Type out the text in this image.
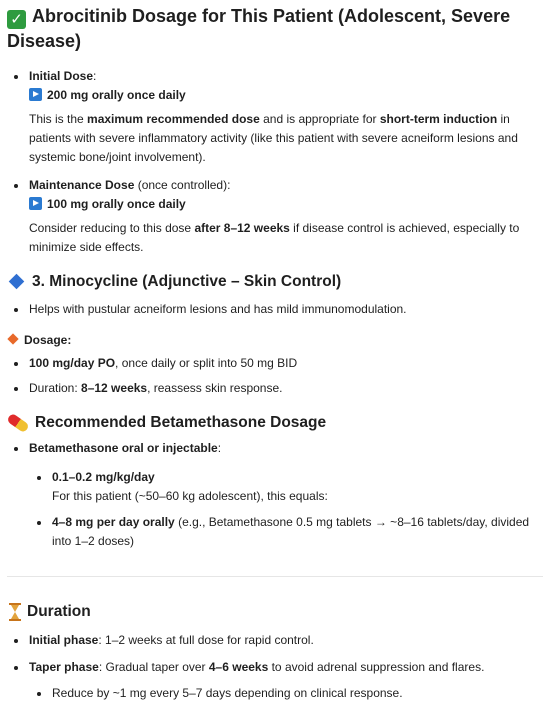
✓ Abrocitinib Dosage for This Patient (Adolescent, Severe Disease)
Initial Dose:
200 mg orally once daily
This is the maximum recommended dose and is appropriate for short-term induction in patients with severe inflammatory activity (like this patient with severe acneiform lesions and systemic bone/joint involvement).
Maintenance Dose (once controlled):
100 mg orally once daily
Consider reducing to this dose after 8–12 weeks if disease control is achieved, especially to minimize side effects.
3. Minocycline (Adjunctive – Skin Control)
Helps with pustular acneiform lesions and has mild immunomodulation.
Dosage:
100 mg/day PO, once daily or split into 50 mg BID
Duration: 8–12 weeks, reassess skin response.
Recommended Betamethasone Dosage
Betamethasone oral or injectable:
0.1–0.2 mg/kg/day
For this patient (~50–60 kg adolescent), this equals:
4–8 mg per day orally (e.g., Betamethasone 0.5 mg tablets → ~8–16 tablets/day, divided into 1–2 doses)
Duration
Initial phase: 1–2 weeks at full dose for rapid control.
Taper phase: Gradual taper over 4–6 weeks to avoid adrenal suppression and flares.
Reduce by ~1 mg every 5–7 days depending on clinical response.
